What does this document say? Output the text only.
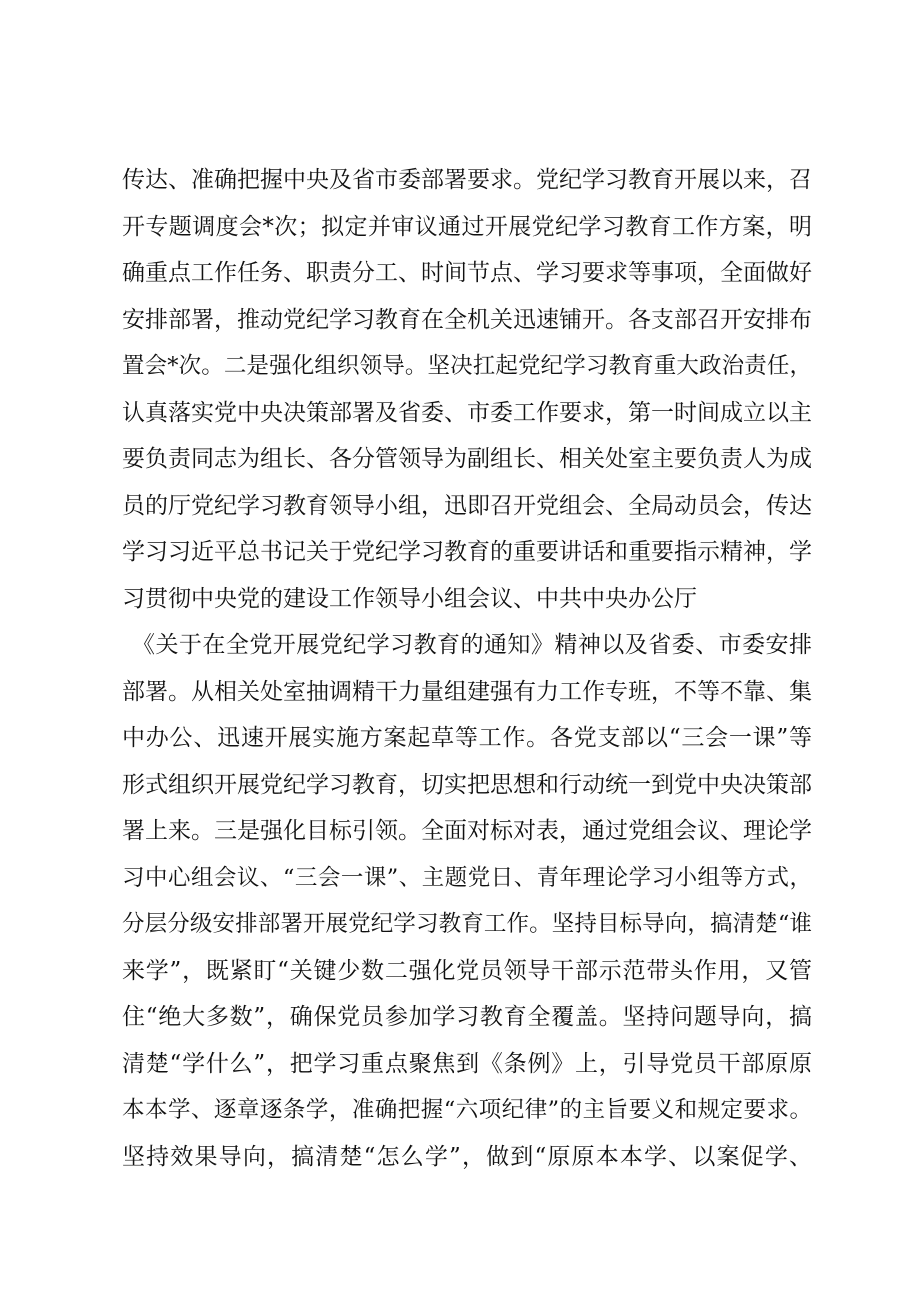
传达、准确把握中央及省市委部署要求。党纪学习教育开展以来，召
开专题调度会*次；拟定并审议通过开展党纪学习教育工作方案，明
确重点工作任务、职责分工、时间节点、学习要求等事项，全面做好
安排部署，推动党纪学习教育在全机关迅速铺开。各支部召开安排布
置会*次。二是强化组织领导。坚决扛起党纪学习教育重大政治责任，
认真落实党中央决策部署及省委、市委工作要求，第一时间成立以主
要负责同志为组长、各分管领导为副组长、相关处室主要负责人为成
员的厅党纪学习教育领导小组，迅即召开党组会、全局动员会，传达
学习习近平总书记关于党纪学习教育的重要讲话和重要指示精神，学
习贯彻中央党的建设工作领导小组会议、中共中央办公厅
《关于在全党开展党纪学习教育的通知》精神以及省委、市委安排
部署。从相关处室抽调精干力量组建强有力工作专班，不等不靠、集
中办公、迅速开展实施方案起草等工作。各党支部以“三会一课”等
形式组织开展党纪学习教育，切实把思想和行动统一到党中央决策部
署上来。三是强化目标引领。全面对标对表，通过党组会议、理论学
习中心组会议、“三会一课”、主题党日、青年理论学习小组等方式，
分层分级安排部署开展党纪学习教育工作。坚持目标导向，搞清楚“谁
来学”，既紧盯“关键少数二强化党员领导干部示范带头作用，又管
住“绝大多数”，确保党员参加学习教育全覆盖。坚持问题导向，搞
清楚“学什么”，把学习重点聚焦到《条例》上，引导党员干部原原
本本学、逐章逐条学，准确把握“六项纪律”的主旨要义和规定要求。
坚持效果导向，搞清楚“怎么学”，做到“原原本本学、以案促学、
